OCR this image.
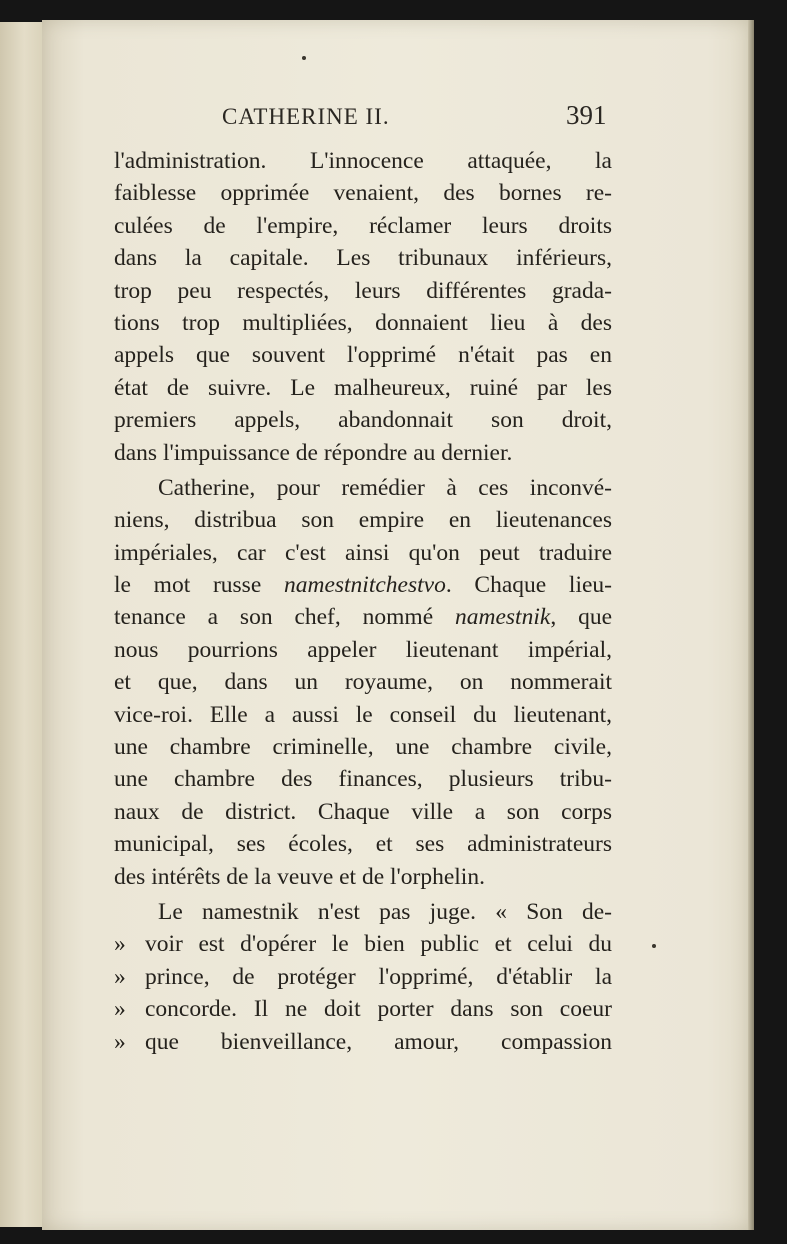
CATHERINE II.	391
l'administration. L'innocence attaquée, la
faiblesse opprimée venaient, des bornes re-
culées de l'empire, réclamer leurs droits
dans la capitale. Les tribunaux inférieurs,
trop peu respectés, leurs différentes grada-
tions trop multipliées, donnaient lieu à des
appels que souvent l'opprimé n'était pas en
état de suivre. Le malheureux, ruiné par les
premiers appels, abandonnait son droit,
dans l'impuissance de répondre au dernier.
Catherine, pour remédier à ces inconvé-
niens, distribua son empire en lieutenances
impériales, car c'est ainsi qu'on peut traduire
le mot russe namestnitchestvo. Chaque lieu-
tenance a son chef, nommé namestnik, que
nous pourrions appeler lieutenant impérial,
et que, dans un royaume, on nommerait
vice-roi. Elle a aussi le conseil du lieutenant,
une chambre criminelle, une chambre civile,
une chambre des finances, plusieurs tribu-
naux de district. Chaque ville a son corps
municipal, ses écoles, et ses administrateurs
des intérêts de la veuve et de l'orphelin.
Le namestnik n'est pas juge. « Son de-
» voir est d'opérer le bien public et celui du
» prince, de protéger l'opprimé, d'établir la
» concorde. Il ne doit porter dans son coeur
» que bienveillance, amour, compassion
